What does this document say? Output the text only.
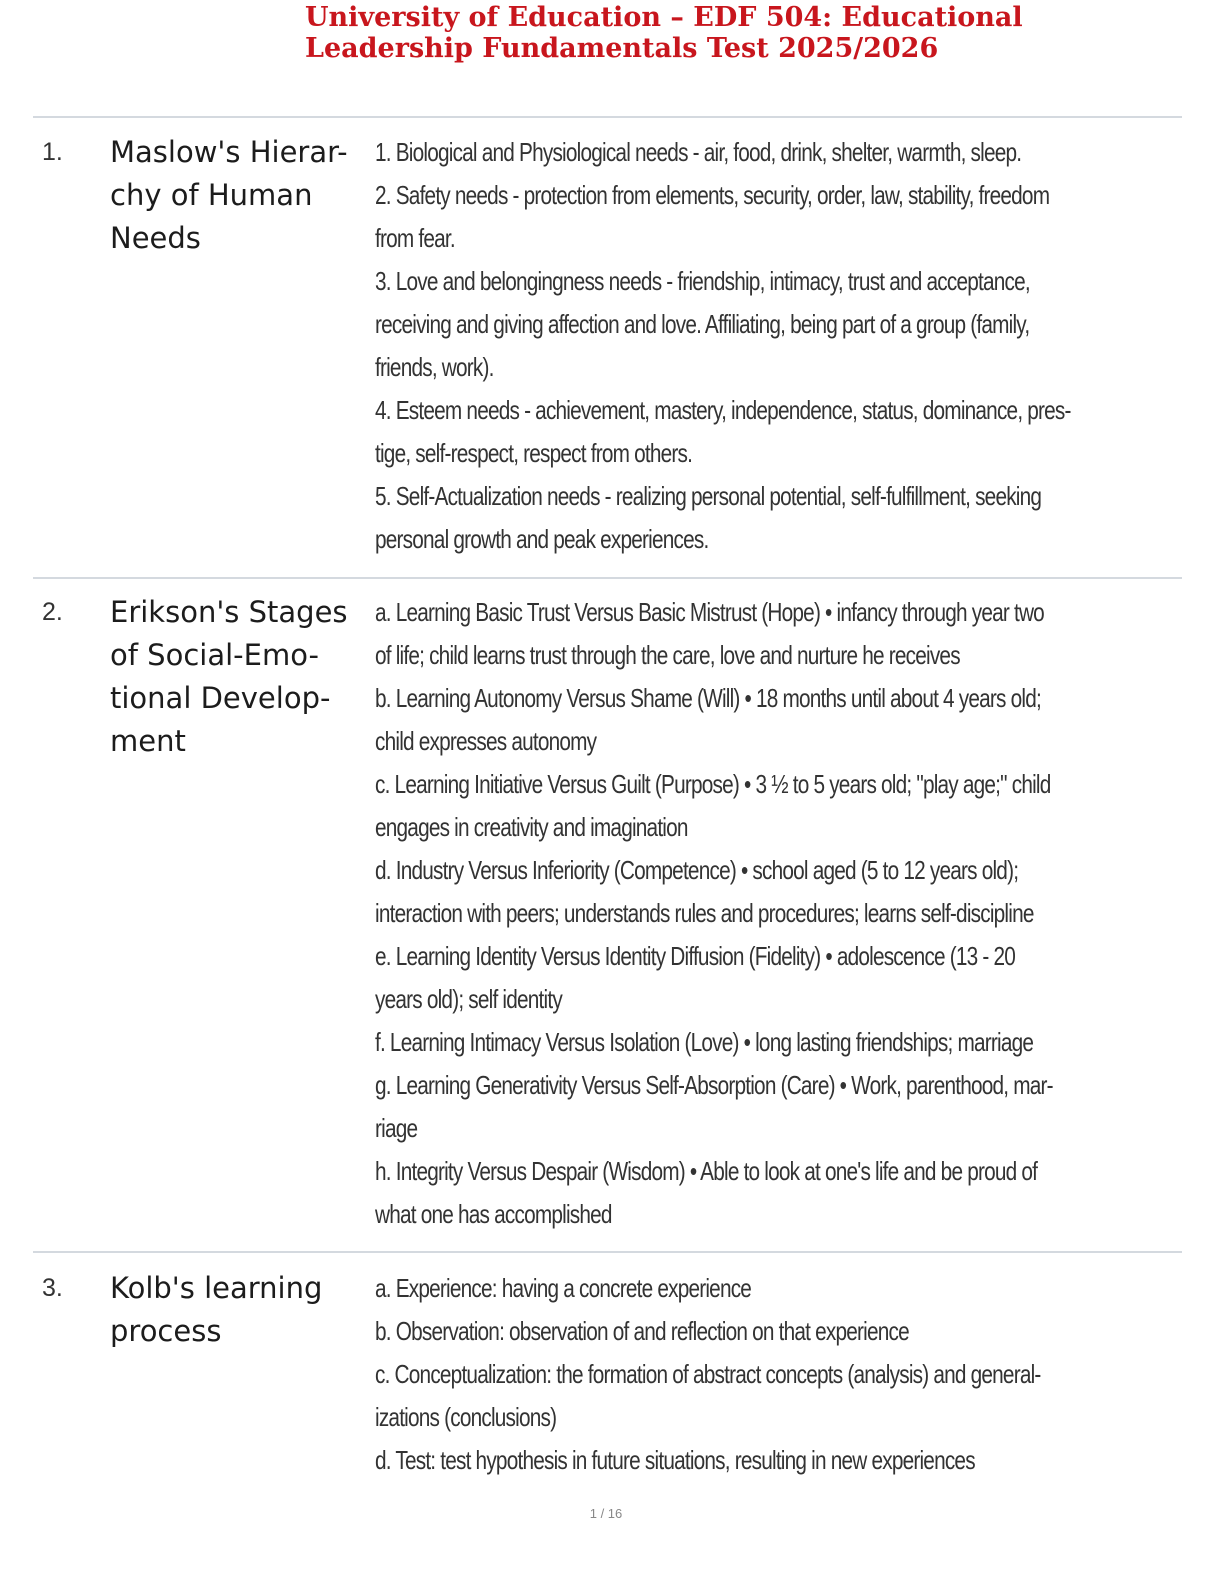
University of Education – EDF 504: Educational
Leadership Fundamentals Test 2025/2026
1. Maslow's Hierar-
chy of Human
Needs
1. Biological and Physiological needs - air, food, drink, shelter, warmth, sleep.
2. Safety needs - protection from elements, security, order, law, stability, freedom
from fear.
3. Love and belongingness needs - friendship, intimacy, trust and acceptance,
receiving and giving affection and love. Affiliating, being part of a group (family,
friends, work).
4. Esteem needs - achievement, mastery, independence, status, dominance, pres-
tige, self-respect, respect from others.
5. Self-Actualization needs - realizing personal potential, self-fulfillment, seeking
personal growth and peak experiences.
2. Erikson's Stages
of Social-Emo-
tional Develop-
ment
a. Learning Basic Trust Versus Basic Mistrust (Hope) • infancy through year two
of life; child learns trust through the care, love and nurture he receives
b. Learning Autonomy Versus Shame (Will) • 18 months until about 4 years old;
child expresses autonomy
c. Learning Initiative Versus Guilt (Purpose) • 3 ½ to 5 years old; "play age;" child
engages in creativity and imagination
d. Industry Versus Inferiority (Competence) • school aged (5 to 12 years old);
interaction with peers; understands rules and procedures; learns self-discipline
e. Learning Identity Versus Identity Diffusion (Fidelity) • adolescence (13 - 20
years old); self identity
f. Learning Intimacy Versus Isolation (Love) • long lasting friendships; marriage
g. Learning Generativity Versus Self-Absorption (Care) • Work, parenthood, mar-
riage
h. Integrity Versus Despair (Wisdom) • Able to look at one's life and be proud of
what one has accomplished
3. Kolb's learning
process
a. Experience: having a concrete experience
b. Observation: observation of and reflection on that experience
c. Conceptualization: the formation of abstract concepts (analysis) and general-
izations (conclusions)
d. Test: test hypothesis in future situations, resulting in new experiences
1 / 16
